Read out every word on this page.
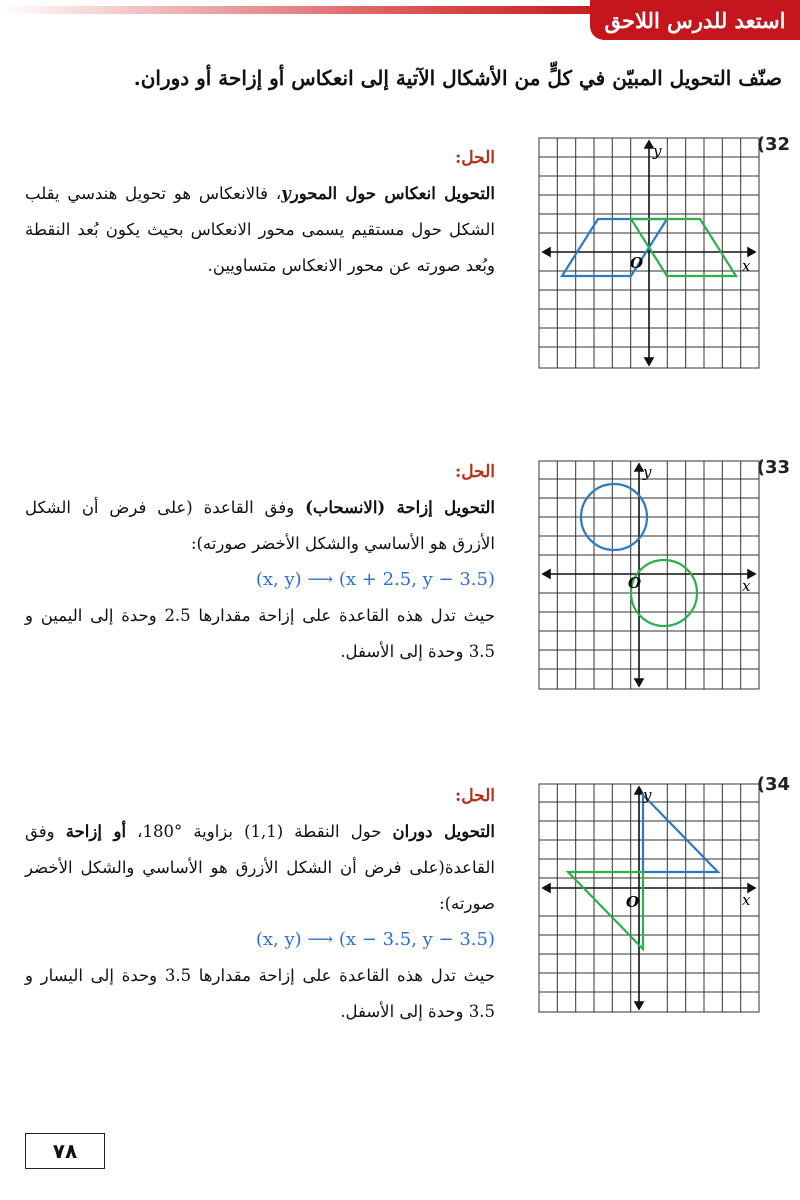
استعد للدرس اللاحق
صنّف التحويل المبيّن في كلٍّ من الأشكال الآتية إلى انعكاس أو إزاحة أو دوران.
(32
y
x
O

الحل:

التحويل انعكاس حول المحورy، فالانعكاس هو تحويل هندسي يقلب الشكل حول مستقيم يسمى محور الانعكاس بحيث يكون بُعد النقطة وبُعد صورته عن محور الانعكاس متساويين.

(33
y
x
O

الحل:

التحويل إزاحة (الانسحاب) وفق القاعدة (على فرض أن الشكل الأزرق هو الأساسي والشكل الأخضر صورته):

(x, y) ⟶ (x + 2.5, y − 3.5)

حيث تدل هذه القاعدة على إزاحة مقدارها 2.5 وحدة إلى اليمين و 3.5 وحدة إلى الأسفل.

(34
y
x
O

الحل:

التحويل دوران حول النقطة (1,1) بزاوية °180، أو إزاحة وفق القاعدة(على فرض أن الشكل الأزرق هو الأساسي والشكل الأخضر صورته):

(x, y) ⟶ (x − 3.5, y − 3.5)

حيث تدل هذه القاعدة على إزاحة مقدارها 3.5 وحدة إلى اليسار و 3.5 وحدة إلى الأسفل.

٧٨
